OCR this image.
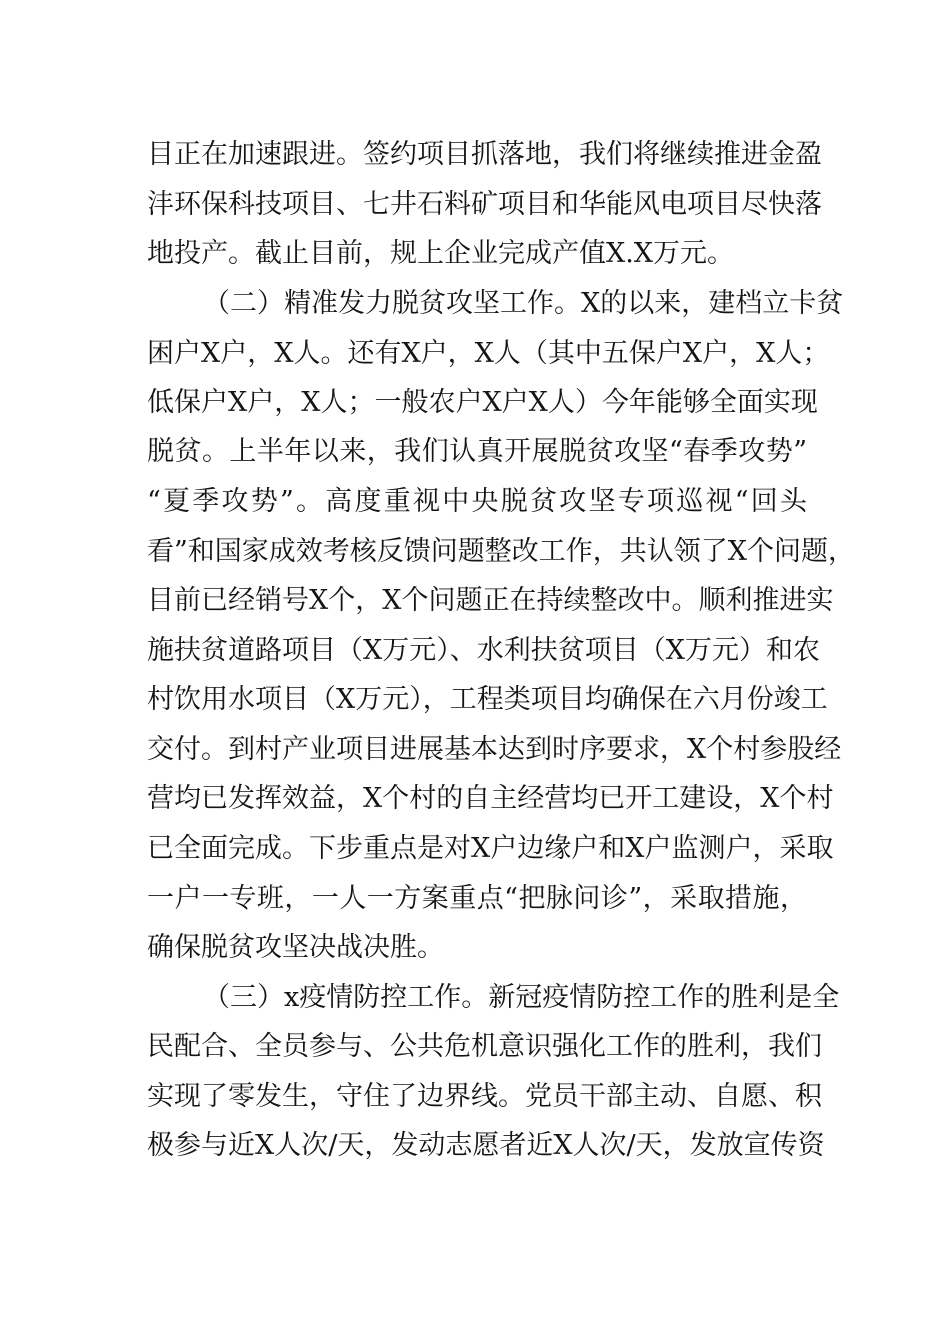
目正在加速跟进。签约项目抓落地，我们将继续推进金盈
沣环保科技项目、七井石料矿项目和华能风电项目尽快落
地投产。截止目前，规上企业完成产值X.X万元。
（二）精准发力脱贫攻坚工作。X的以来，建档立卡贫
困户X户，X人。还有X户，X人（其中五保户X户，X人；
低保户X户，X人；一般农户X户X人）今年能够全面实现
脱贫。上半年以来，我们认真开展脱贫攻坚“春季攻势”
“夏季攻势”。高度重视中央脱贫攻坚专项巡视“回头
看”和国家成效考核反馈问题整改工作，共认领了X个问题，
目前已经销号X个，X个问题正在持续整改中。顺利推进实
施扶贫道路项目（X万元）、水利扶贫项目（X万元）和农
村饮用水项目（X万元），工程类项目均确保在六月份竣工
交付。到村产业项目进展基本达到时序要求，X个村参股经
营均已发挥效益，X个村的自主经营均已开工建设，X个村
已全面完成。下步重点是对X户边缘户和X户监测户，采取
一户一专班，一人一方案重点“把脉问诊”，采取措施，
确保脱贫攻坚决战决胜。
（三）x疫情防控工作。新冠疫情防控工作的胜利是全
民配合、全员参与、公共危机意识强化工作的胜利，我们
实现了零发生，守住了边界线。党员干部主动、自愿、积
极参与近X人次/天，发动志愿者近X人次/天，发放宣传资
